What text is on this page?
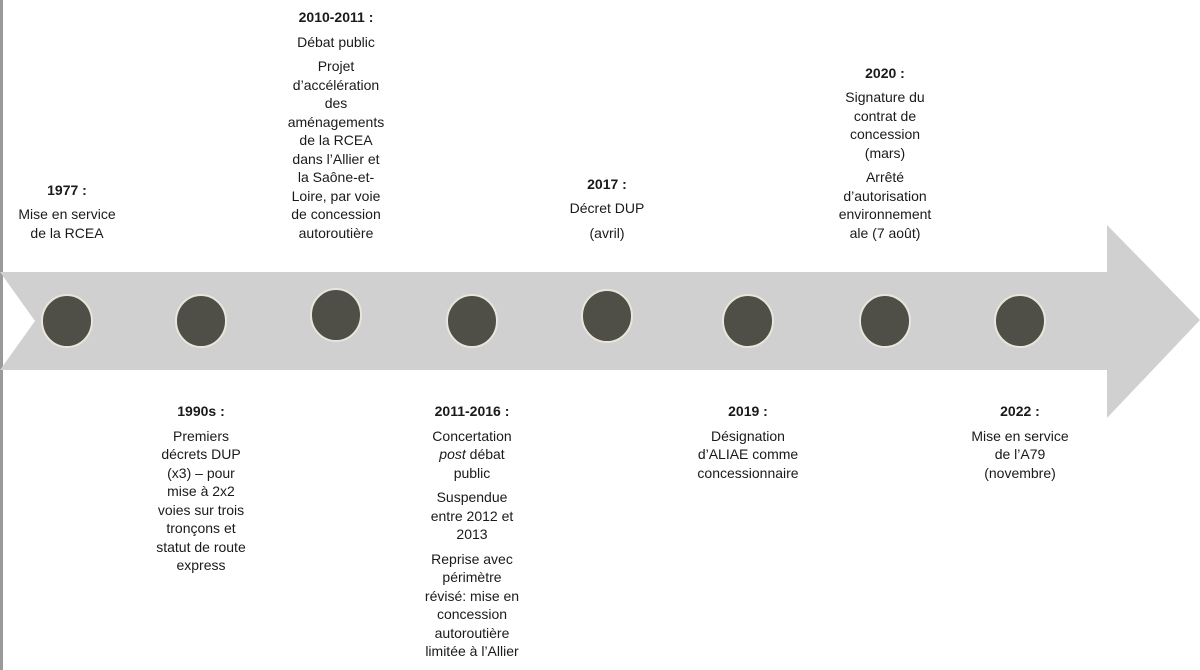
1977 :
Mise en service
de la RCEA
1990s :
Premiers
décrets DUP
(x3) – pour
mise à 2x2
voies sur trois
tronçons et
statut de route
express
2010-2011 :
Débat public
Projet
d’accélération
des
aménagements
de la RCEA
dans l’Allier et
la Saône-et-
Loire, par voie
de concession
autoroutière
2011-2016 :
Concertation
post débat
public
Suspendue
entre 2012 et
2013
Reprise avec
périmètre
révisé: mise en
concession
autoroutière
limitée à l’Allier
2017 :
Décret DUP
(avril)
2019 :
Désignation
d’ALIAE comme
concessionnaire
2020 :
Signature du
contrat de
concession
(mars)
Arrêté
d’autorisation
environnement
ale (7 août)
2022 :
Mise en service
de l’A79
(novembre)
